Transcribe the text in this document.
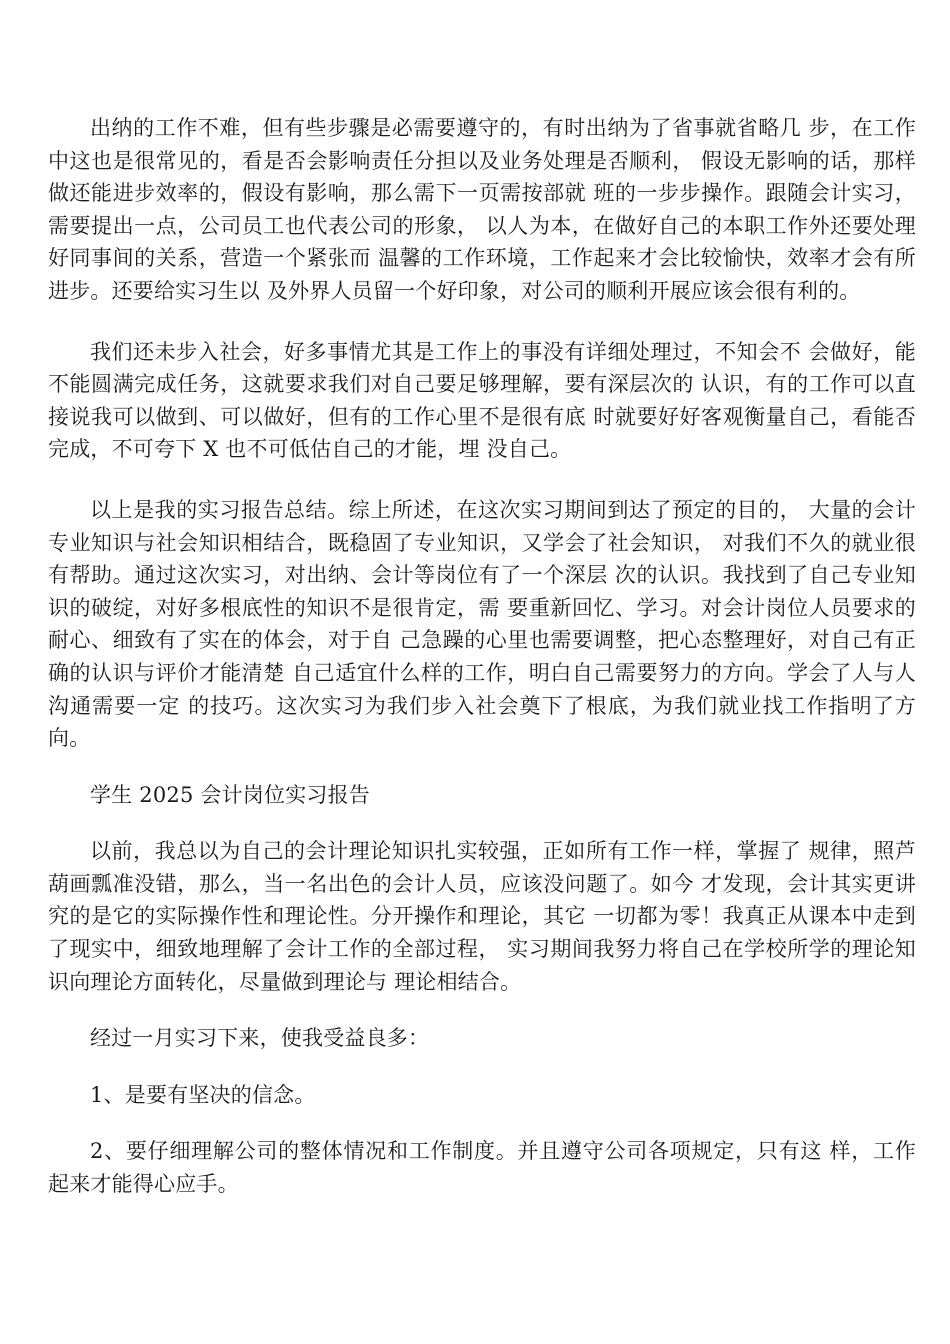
出纳的工作不难，但有些步骤是必需要遵守的，有时出纳为了省事就省略几 步，在工作中这也是很常见的，看是否会影响责任分担以及业务处理是否顺利， 假设无影响的话，那样做还能进步效率的，假设有影响，那么需下一页需按部就 班的一步步操作。跟随会计实习，需要提出一点，公司员工也代表公司的形象， 以人为本，在做好自己的本职工作外还要处理好同事间的关系，营造一个紧张而 温馨的工作环境，工作起来才会比较愉快，效率才会有所进步。还要给实习生以 及外界人员留一个好印象，对公司的顺利开展应该会很有利的。

我们还未步入社会，好多事情尤其是工作上的事没有详细处理过，不知会不 会做好，能不能圆满完成任务，这就要求我们对自己要足够理解，要有深层次的 认识，有的工作可以直接说我可以做到、可以做好，但有的工作心里不是很有底 时就要好好客观衡量自己，看能否完成，不可夸下 X 也不可低估自己的才能，埋 没自己。

以上是我的实习报告总结。综上所述，在这次实习期间到达了预定的目的， 大量的会计专业知识与社会知识相结合，既稳固了专业知识，又学会了社会知识， 对我们不久的就业很有帮助。通过这次实习，对出纳、会计等岗位有了一个深层 次的认识。我找到了自己专业知识的破绽，对好多根底性的知识不是很肯定，需 要重新回忆、学习。对会计岗位人员要求的耐心、细致有了实在的体会，对于自 己急躁的心里也需要调整，把心态整理好，对自己有正确的认识与评价才能清楚 自己适宜什么样的工作，明白自己需要努力的方向。学会了人与人沟通需要一定 的技巧。这次实习为我们步入社会奠下了根底，为我们就业找工作指明了方向。

学生 2025 会计岗位实习报告

以前，我总以为自己的会计理论知识扎实较强，正如所有工作一样，掌握了 规律，照芦葫画瓢准没错，那么，当一名出色的会计人员，应该没问题了。如今 才发现，会计其实更讲究的是它的实际操作性和理论性。分开操作和理论，其它 一切都为零！我真正从课本中走到了现实中，细致地理解了会计工作的全部过程， 实习期间我努力将自己在学校所学的理论知识向理论方面转化，尽量做到理论与 理论相结合。

经过一月实习下来，使我受益良多：

1、是要有坚决的信念。

2、要仔细理解公司的整体情况和工作制度。并且遵守公司各项规定，只有这 样，工作起来才能得心应手。
